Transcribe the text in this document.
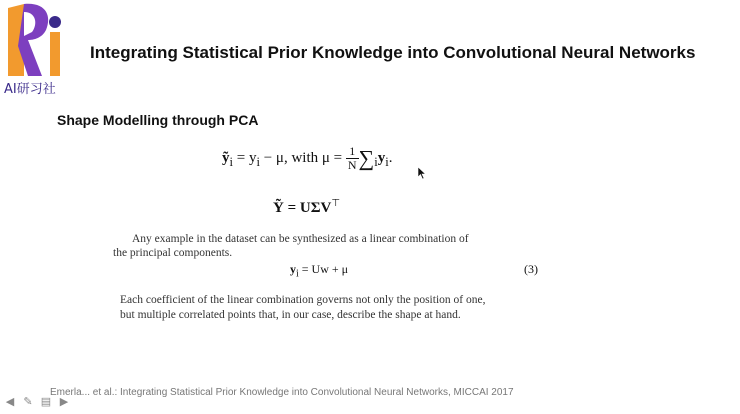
AI研习社
Integrating Statistical Prior Knowledge into Convolutional Neural Networks
Shape Modelling through PCA
ỹ$_i$ = $y_i - \mu$, with $\mu = \frac{1}{N} \sum_iy_i$.
Ỹ = UΣV⊤
Any example in the dataset can be synthesized as a linear combination of
the principal components.
$y_i = Uw + \mu$	(3)
Each coefficient of the linear combination governs not only the position of one,
but multiple correlated points that, in our case, describe the shape at hand.
Emerla... et al.: Integrating Statistical Prior Knowledge into Convolutional Neural Networks, MICCAI 2017
◀ ✎ ▤ ▶
